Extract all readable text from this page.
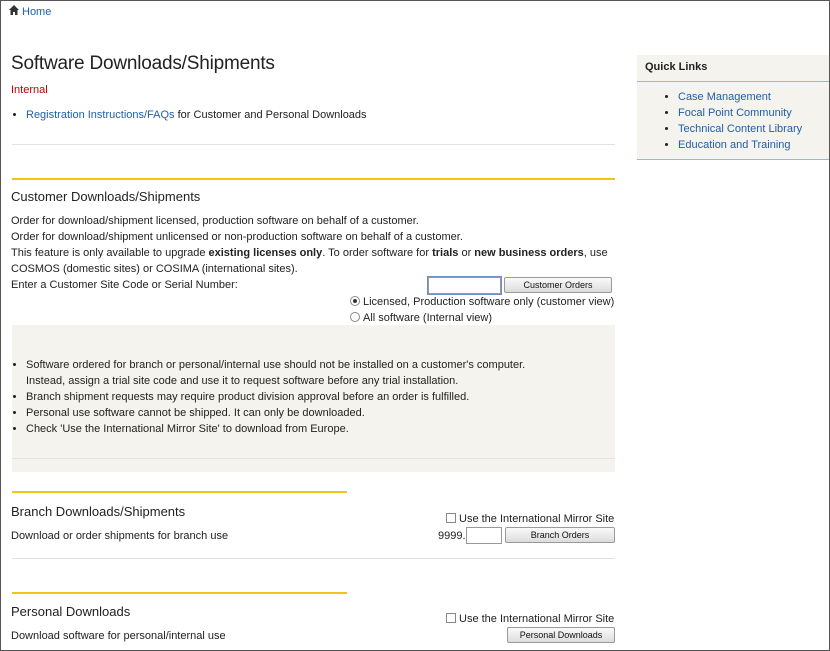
Home
Software Downloads/Shipments
Internal
• Registration Instructions/FAQs for Customer and Personal Downloads
Customer Downloads/Shipments
Order for download/shipment licensed, production software on behalf of a customer.
Order for download/shipment unlicensed or non-production software on behalf of a customer.
This feature is only available to upgrade existing licenses only. To order software for trials or new business orders, use
COSMOS (domestic sites) or COSIMA (international sites).
Enter a Customer Site Code or Serial Number:	Customer Orders
Licensed, Production software only (customer view)
All software (Internal view)
• Software ordered for branch or personal/internal use should not be installed on a customer's computer.
Instead, assign a trial site code and use it to request software before any trial installation.
• Branch shipment requests may require product division approval before an order is fulfilled.
• Personal use software cannot be shipped. It can only be downloaded.
• Check 'Use the International Mirror Site' to download from Europe.
Branch Downloads/Shipments
Download or order shipments for branch use
Use the International Mirror Site
9999.	Branch Orders
Personal Downloads
Download software for personal/internal use
Use the International Mirror Site
Personal Downloads
Quick Links
• Case Management
• Focal Point Community
• Technical Content Library
• Education and Training
